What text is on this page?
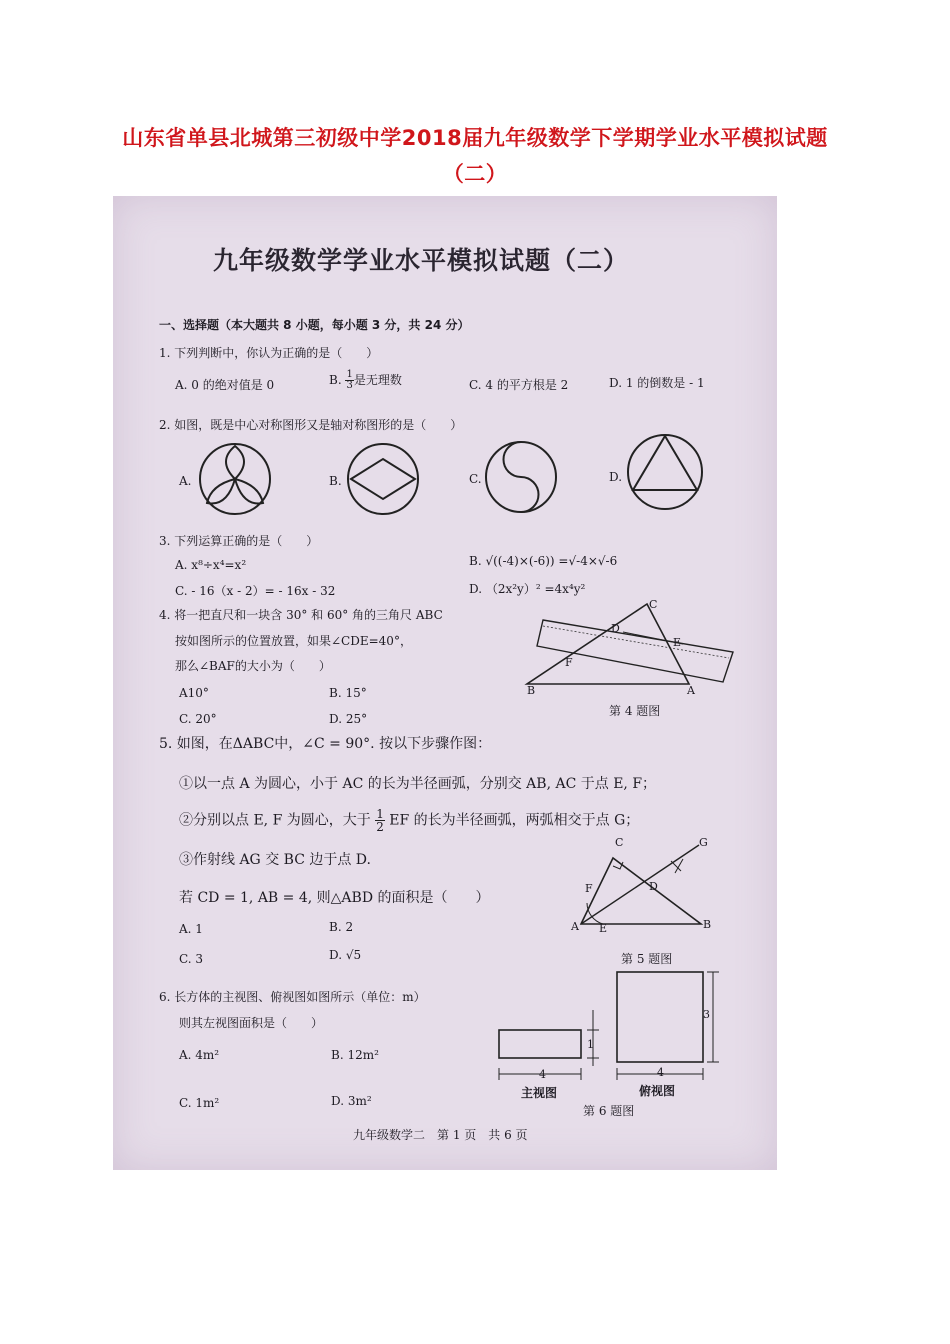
山东省单县北城第三初级中学2018届九年级数学下学期学业水平模拟试题
（二）
九年级数学学业水平模拟试题（二）
一、选择题（本大题共 8 小题，每小题 3 分，共 24 分）
1. 下列判断中，你认为正确的是（　　）
A. 0 的绝对值是 0	B. $\frac{1}{3}$ 是无理数	C. 4 的平方根是 2	D. 1 的倒数是 - 1
2. 如图，既是中心对称图形又是轴对称图形的是（　　）
A.	B.	C.	D.
3. 下列运算正确的是（　　）
A. x⁸÷x⁴=x²	B. √((-4)×(-6)) =√-4×√-6
C. - 16（x - 2）= - 16x - 32	D. （2x²y）² =4x⁴y²
4. 将一把直尺和一块含 30° 和 60° 角的三角尺 ABC
按如图所示的位置放置，如果∠CDE=40°，
那么∠BAF的大小为（　　）
A10°	B. 15°
C. 20°	D. 25°
C
D
E
F
B	A
第 4 题图
5. 如图，在ΔABC中，∠C = 90°. 按以下步骤作图：
①以一点 A 为圆心，小于 AC 的长为半径画弧，分别交 AB, AC 于点 E, F；
②分别以点 E, F 为圆心，大于 $\frac{1}{2}$ EF 的长为半径画弧，两弧相交于点 G；
③作射线 AG 交 BC 边于点 D.
若 CD = 1, AB = 4, 则△ABD 的面积是（　　）
A. 1	B. 2
C. 3	D. √5
C	G
F	D
A E	B
第 5 题图
6. 长方体的主视图、俯视图如图所示（单位：m）
则其左视图面积是（　　）
A. 4m²	B. 12m²
C. 1m²	D. 3m²
4
1
4
3
主视图	俯视图
第 6 题图
九年级数学二　第 1 页　共 6 页
